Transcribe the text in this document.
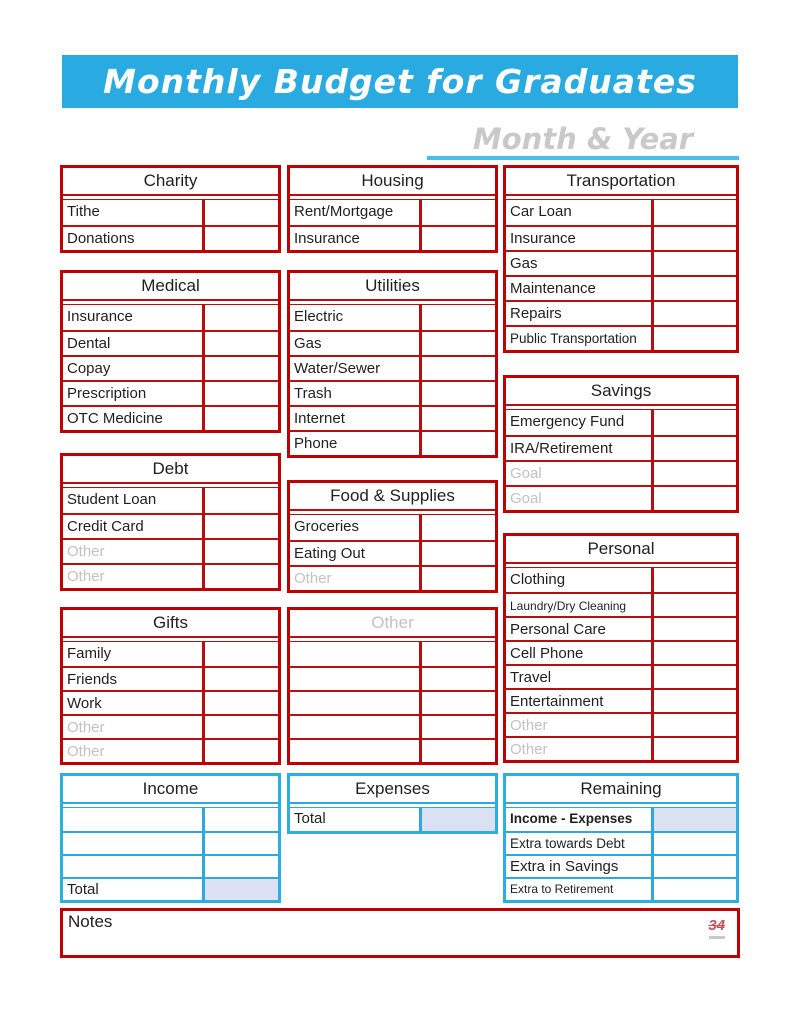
Monthly Budget for Graduates
Month & Year
Charity
Tithe
Donations
Housing
Rent/Mortgage
Insurance
Transportation
Car Loan
Insurance
Gas
Maintenance
Repairs
Public Transportation
Medical
Insurance
Dental
Copay
Prescription
OTC Medicine
Utilities
Electric
Gas
Water/Sewer
Trash
Internet
Phone
Savings
Emergency Fund
IRA/Retirement
Goal
Goal
Debt
Student Loan
Credit Card
Other
Other
Food & Supplies
Groceries
Eating Out
Other
Gifts
Family
Friends
Work
Other
Other
Other
Personal
Clothing
Laundry/Dry Cleaning
Personal Care
Cell Phone
Travel
Entertainment
Other
Other
Income
Total
Expenses
Total
Remaining
Income - Expenses
Extra towards Debt
Extra in Savings
Extra to Retirement
Notes	34
